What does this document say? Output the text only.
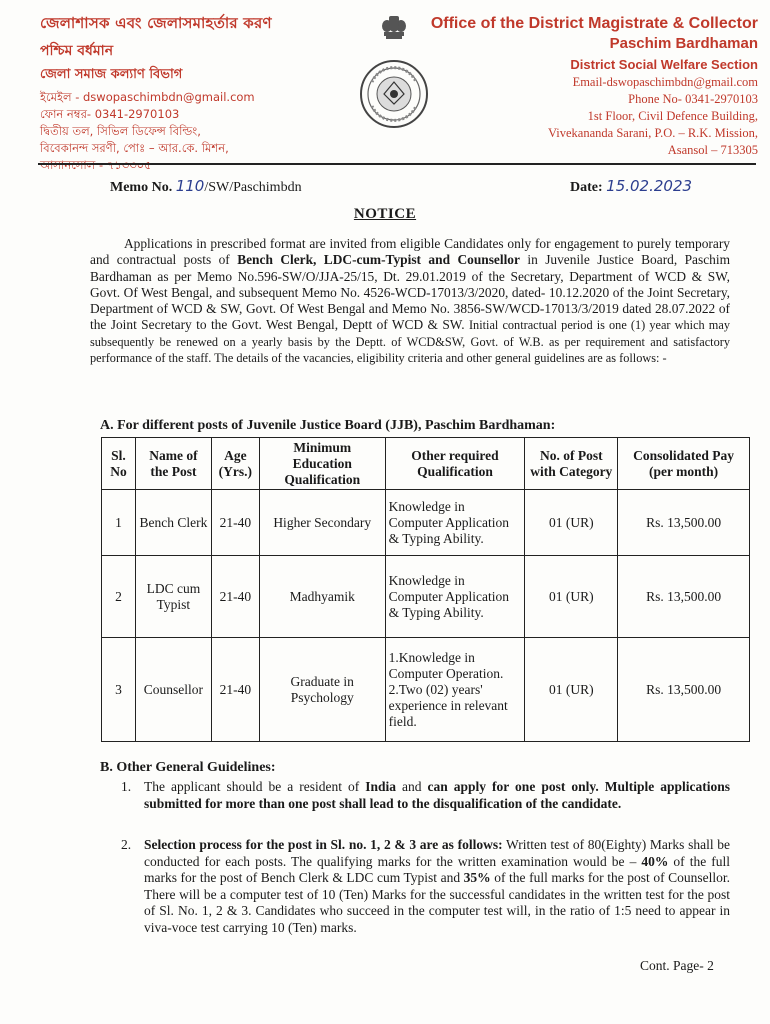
জেলাশাসক এবং জেলাসমাহর্তার করণ
পশ্চিম বর্ধমান
জেলা সমাজ কল্যাণ বিভাগ
ইমেইল - dswopaschimbdn@gmail.com
ফোন নম্বর- 0341-2970103
দ্বিতীয় তল, সিভিল ডিফেন্স বিল্ডিং,
বিবেকানন্দ সরণী, পোঃ – আর.কে. মিশন,
আসানসোল - ৭১৩৩০৫
Office of the District Magistrate & Collector
Paschim Bardhaman
District Social Welfare Section
Email-dswopaschimbdn@gmail.com
Phone No- 0341-2970103
1st Floor, Civil Defence Building,
Vivekananda Sarani, P.O. – R.K. Mission,
Asansol – 713305
Memo No. 110/SW/Paschimbdn	Date: 15.02.2023
NOTICE
Applications in prescribed format are invited from eligible Candidates only for engagement to purely temporary and contractual posts of Bench Clerk, LDC-cum-Typist and Counsellor in Juvenile Justice Board, Paschim Bardhaman as per Memo No.596-SW/O/JJA-25/15, Dt. 29.01.2019 of the Secretary, Department of WCD & SW, Govt. Of West Bengal, and subsequent Memo No. 4526-WCD-17013/3/2020, dated- 10.12.2020 of the Joint Secretary, Department of WCD & SW, Govt. Of West Bengal and Memo No. 3856-SW/WCD-17013/3/2019 dated 28.07.2022 of the Joint Secretary to the Govt. West Bengal, Deptt of WCD & SW. Initial contractual period is one (1) year which may subsequently be renewed on a yearly basis by the Deptt. of WCD&SW, Govt. of W.B. as per requirement and satisfactory performance of the staff. The details of the vacancies, eligibility criteria and other general guidelines are as follows: -
A. For different posts of Juvenile Justice Board (JJB), Paschim Bardhaman:
Sl. No	Name of the Post	Age (Yrs.)	Minimum Education Qualification	Other required Qualification	No. of Post with Category	Consolidated Pay (per month)
1	Bench Clerk	21-40	Higher Secondary	Knowledge in Computer Application & Typing Ability.	01 (UR)	Rs. 13,500.00
2	LDC cum Typist	21-40	Madhyamik	Knowledge in Computer Application & Typing Ability.	01 (UR)	Rs. 13,500.00
3	Counsellor	21-40	Graduate in Psychology	1.Knowledge in Computer Operation.
2.Two (02) years' experience in relevant field.	01 (UR)	Rs. 13,500.00
B. Other General Guidelines:
1. The applicant should be a resident of India and can apply for one post only. Multiple applications submitted for more than one post shall lead to the disqualification of the candidate.
2. Selection process for the post in Sl. no. 1, 2 & 3 are as follows: Written test of 80(Eighty) Marks shall be conducted for each posts. The qualifying marks for the written examination would be – 40% of the full marks for the post of Bench Clerk & LDC cum Typist and 35% of the full marks for the post of Counsellor. There will be a computer test of 10 (Ten) Marks for the successful candidates in the written test for the post of Sl. No. 1, 2 & 3. Candidates who succeed in the computer test will, in the ratio of 1:5 need to appear in viva-voce test carrying 10 (Ten) marks.
Cont. Page- 2
